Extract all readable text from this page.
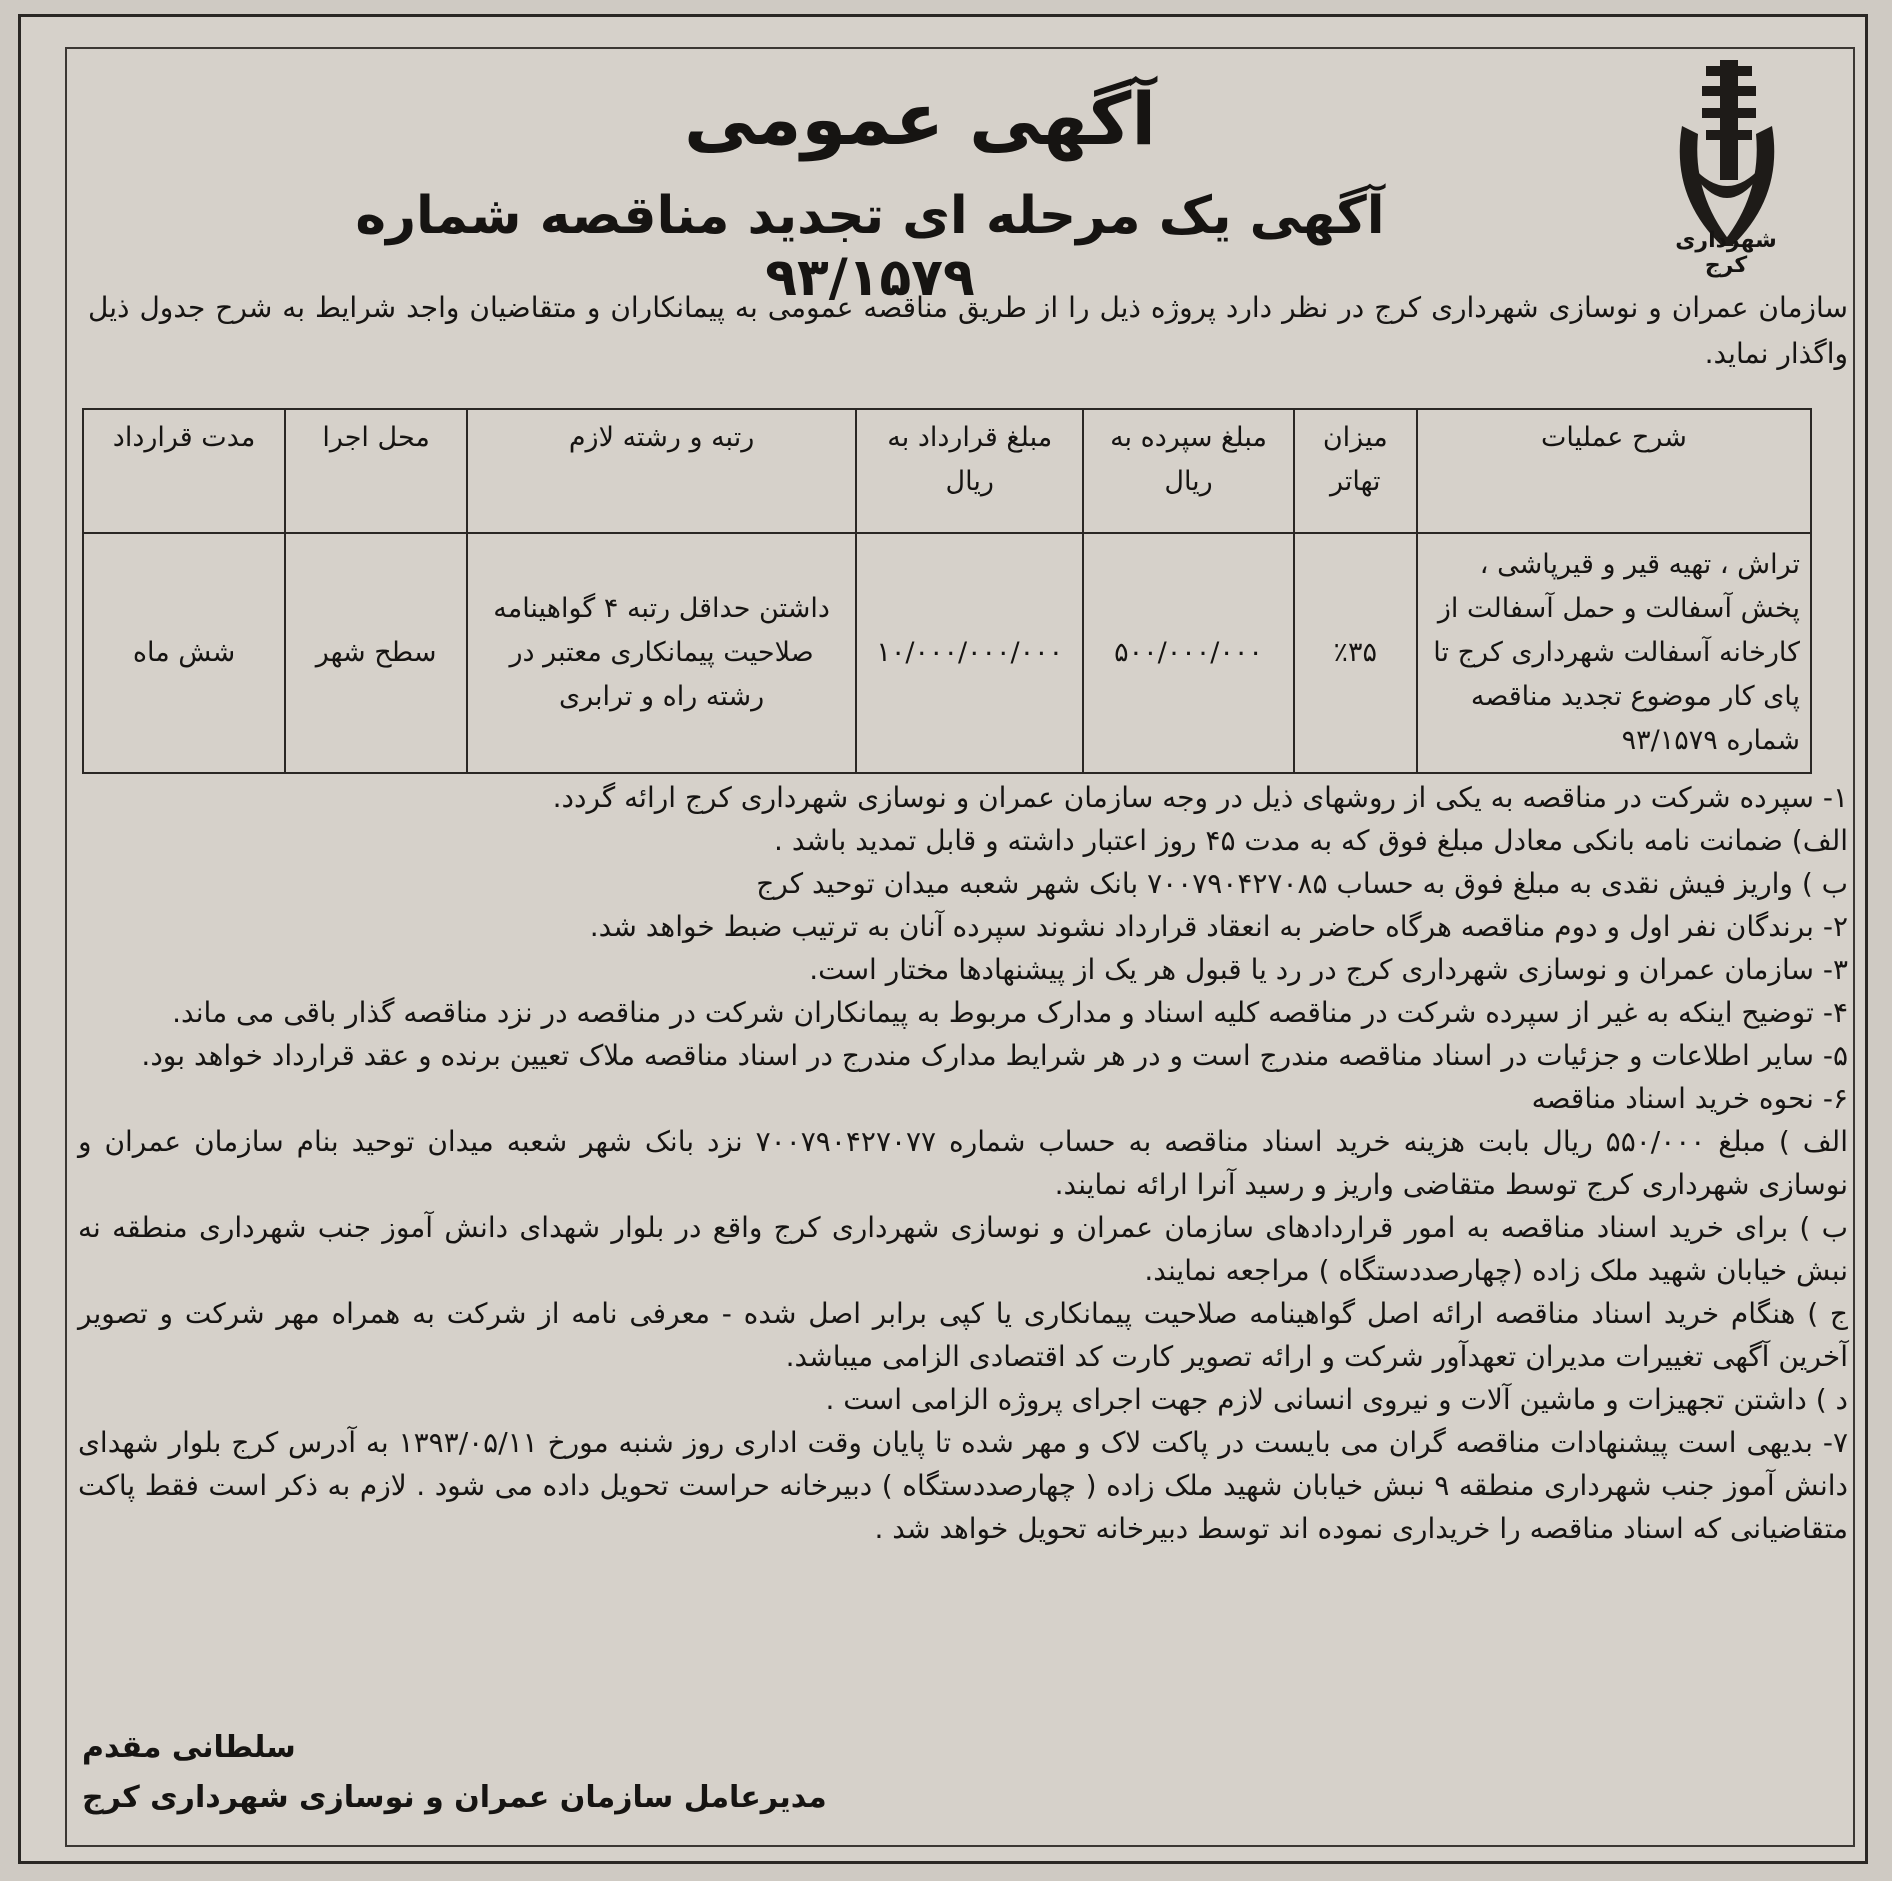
شهرداری کرج
آگهی عمومی
آگهی یک مرحله ای تجدید مناقصه شماره ۹۳/۱۵۷۹
سازمان عمران و نوسازی شهرداری کرج در نظر دارد پروژه ذیل را از طریق مناقصه عمومی به پیمانکاران و متقاضیان واجد شرایط به شرح جدول ذیل واگذار نماید.
شرح عملیات	میزان تهاتر	مبلغ سپرده به ریال	مبلغ قرارداد به ریال	رتبه و رشته لازم	محل اجرا	مدت قرارداد
تراش ، تهیه قیر و قیرپاشی ، پخش آسفالت و حمل آسفالت از کارخانه آسفالت شهرداری کرج تا پای کار موضوع تجدید مناقصه شماره ۹۳/۱۵۷۹	٪۳۵	۵۰۰/۰۰۰/۰۰۰	۱۰/۰۰۰/۰۰۰/۰۰۰	داشتن حداقل رتبه ۴ گواهینامه صلاحیت پیمانکاری معتبر در رشته راه و ترابری	سطح شهر	شش ماه

۱- سپرده شرکت در مناقصه به یکی از روشهای ذیل در وجه سازمان عمران و نوسازی شهرداری کرج ارائه گردد.

الف) ضمانت نامه بانکی معادل مبلغ فوق که به مدت ۴۵ روز اعتبار داشته و قابل تمدید باشد .

ب ) واریز فیش نقدی به مبلغ فوق به حساب ۷۰۰۷۹۰۴۲۷۰۸۵ بانک شهر شعبه میدان توحید کرج

۲- برندگان نفر اول و دوم مناقصه هرگاه حاضر به انعقاد قرارداد نشوند سپرده آنان به ترتیب ضبط خواهد شد.

۳- سازمان عمران و نوسازی شهرداری کرج در رد یا قبول هر یک از پیشنهادها مختار است.

۴- توضیح اینکه به غیر از سپرده شرکت در مناقصه کلیه اسناد و مدارک مربوط به پیمانکاران شرکت در مناقصه در نزد مناقصه گذار باقی می ماند.

۵- سایر اطلاعات و جزئیات در اسناد مناقصه مندرج است و در هر شرایط مدارک مندرج در اسناد مناقصه ملاک تعیین برنده و عقد قرارداد خواهد بود.

۶- نحوه خرید اسناد مناقصه

الف ) مبلغ ۵۵۰/۰۰۰ ریال بابت هزینه خرید اسناد مناقصه به حساب شماره ۷۰۰۷۹۰۴۲۷۰۷۷ نزد بانک شهر شعبه میدان توحید بنام سازمان عمران و نوسازی شهرداری کرج توسط متقاضی واریز و رسید آنرا ارائه نمایند.

ب ) برای خرید اسناد مناقصه به امور قراردادهای سازمان عمران و نوسازی شهرداری کرج واقع در بلوار شهدای دانش آموز جنب شهرداری منطقه نه نبش خیابان شهید ملک زاده (چهارصددستگاه ) مراجعه نمایند.

ج ) هنگام خرید اسناد مناقصه ارائه اصل گواهینامه صلاحیت پیمانکاری یا کپی برابر اصل شده - معرفی نامه از شرکت به همراه مهر شرکت و تصویر آخرین آگهی تغییرات مدیران تعهدآور شرکت و ارائه تصویر کارت کد اقتصادی الزامی میباشد.

د ) داشتن تجهیزات و ماشین آلات و نیروی انسانی لازم جهت اجرای پروژه الزامی است .

۷- بدیهی است پیشنهادات مناقصه گران می بایست در پاکت لاک و مهر شده تا پایان وقت اداری روز شنبه مورخ ۱۳۹۳/۰۵/۱۱ به آدرس کرج بلوار شهدای دانش آموز جنب شهرداری منطقه ۹ نبش خیابان شهید ملک زاده ( چهارصددستگاه ) دبیرخانه حراست تحویل داده می شود . لازم به ذکر است فقط پاکت متقاضیانی که اسناد مناقصه را خریداری نموده اند توسط دبیرخانه تحویل خواهد شد .

سلطانی مقدم
مدیرعامل سازمان عمران و نوسازی شهرداری کرج
